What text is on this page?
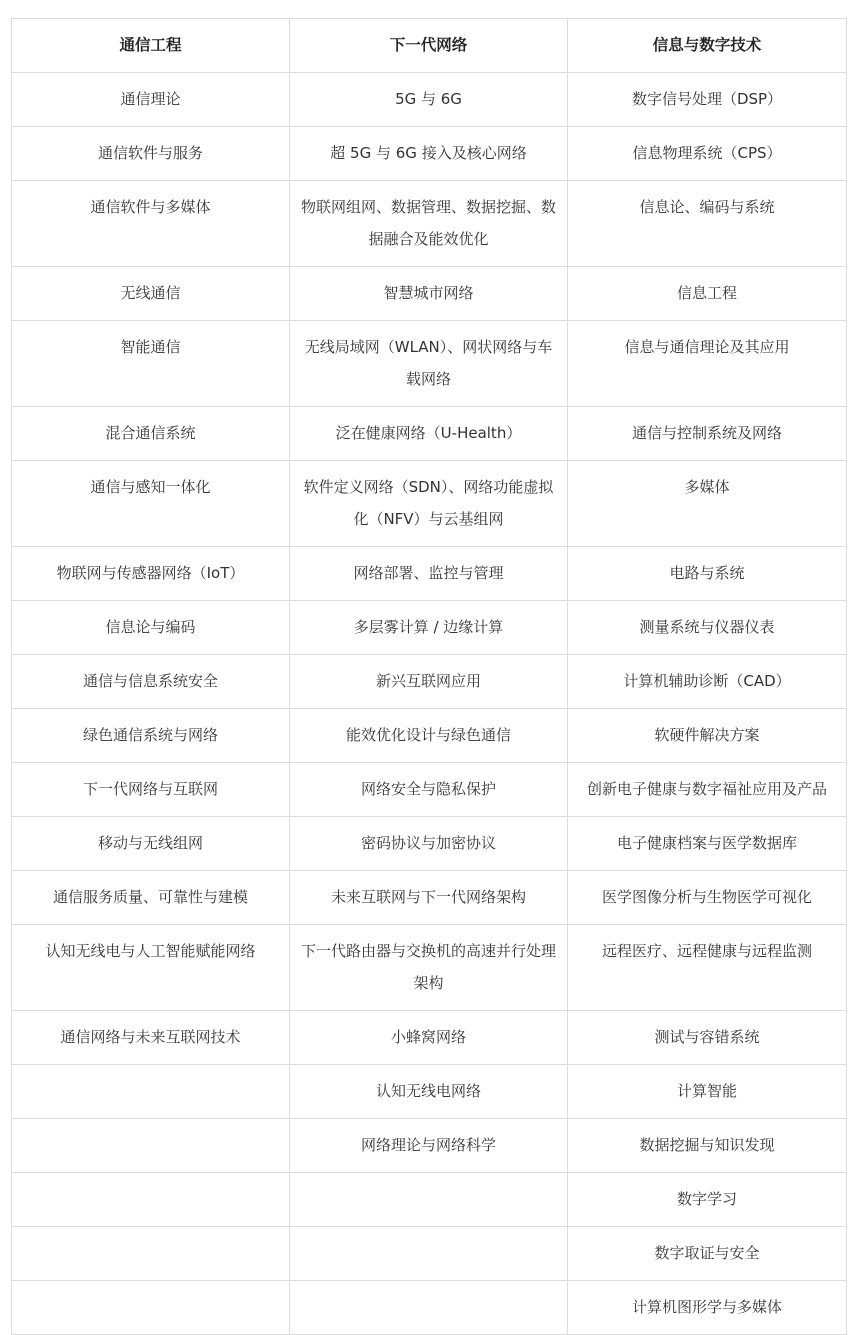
通信工程	下一代网络	信息与数字技术
通信理论	5G 与 6G	数字信号处理（DSP）
通信软件与服务	超 5G 与 6G 接入及核心网络	信息物理系统（CPS）
通信软件与多媒体	物联网组网、数据管理、数据挖掘、数据融合及能效优化	信息论、编码与系统
无线通信	智慧城市网络	信息工程
智能通信	无线局域网（WLAN）、网状网络与车载网络	信息与通信理论及其应用
混合通信系统	泛在健康网络（U-Health）	通信与控制系统及网络
通信与感知一体化	软件定义网络（SDN）、网络功能虚拟化（NFV）与云基组网	多媒体
物联网与传感器网络（IoT）	网络部署、监控与管理	电路与系统
信息论与编码	多层雾计算 / 边缘计算	测量系统与仪器仪表
通信与信息系统安全	新兴互联网应用	计算机辅助诊断（CAD）
绿色通信系统与网络	能效优化设计与绿色通信	软硬件解决方案
下一代网络与互联网	网络安全与隐私保护	创新电子健康与数字福祉应用及产品
移动与无线组网	密码协议与加密协议	电子健康档案与医学数据库
通信服务质量、可靠性与建模	未来互联网与下一代网络架构	医学图像分析与生物医学可视化
认知无线电与人工智能赋能网络	下一代路由器与交换机的高速并行处理架构	远程医疗、远程健康与远程监测
通信网络与未来互联网技术	小蜂窝网络	测试与容错系统
	认知无线电网络	计算智能
	网络理论与网络科学	数据挖掘与知识发现
		数字学习
		数字取证与安全
		计算机图形学与多媒体
